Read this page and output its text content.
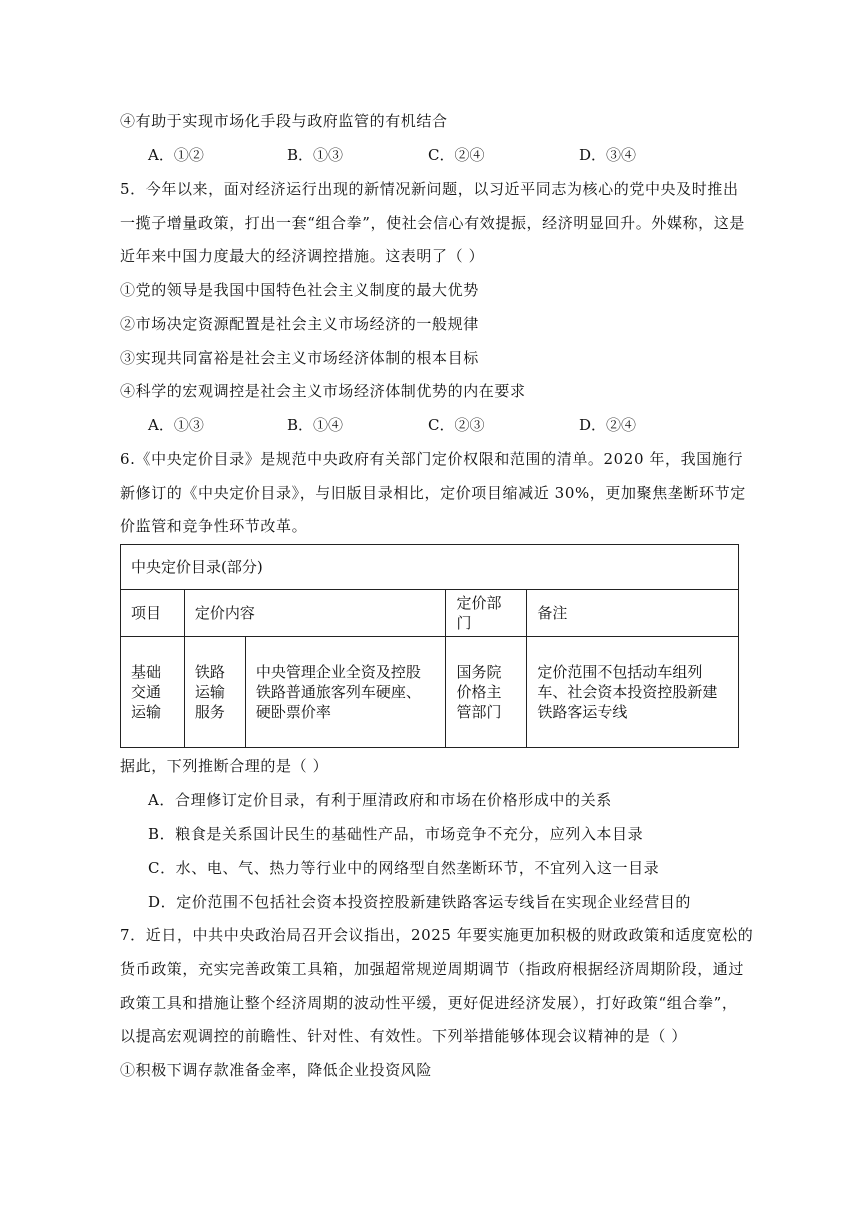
④有助于实现市场化手段与政府监管的有机结合
A．①②	B．①③	C．②④	D．③④
5．今年以来，面对经济运行出现的新情况新问题，以习近平同志为核心的党中央及时推出
一揽子增量政策，打出一套“组合拳”，使社会信心有效提振，经济明显回升。外媒称，这是
近年来中国力度最大的经济调控措施。这表明了（ ）
①党的领导是我国中国特色社会主义制度的最大优势
②市场决定资源配置是社会主义市场经济的一般规律
③实现共同富裕是社会主义市场经济体制的根本目标
④科学的宏观调控是社会主义市场经济体制优势的内在要求
A．①③	B．①④	C．②③	D．②④
6.《中央定价目录》是规范中央政府有关部门定价权限和范围的清单。2020 年，我国施行
新修订的《中央定价目录》，与旧版目录相比，定价项目缩减近 30%，更加聚焦垄断环节定
价监管和竞争性环节改革。
中央定价目录(部分)				
项目	定价内容		定价部门	备注
基础交通运输	铁路运输服务	中央管理企业全资及控股铁路普通旅客列车硬座、硬卧票价率	国务院价格主管部门	定价范围不包括动车组列车、社会资本投资控股新建铁路客运专线
据此，下列推断合理的是（ ）
A．合理修订定价目录，有利于厘清政府和市场在价格形成中的关系
B．粮食是关系国计民生的基础性产品，市场竞争不充分，应列入本目录
C．水、电、气、热力等行业中的网络型自然垄断环节，不宜列入这一目录
D．定价范围不包括社会资本投资控股新建铁路客运专线旨在实现企业经营目的
7．近日，中共中央政治局召开会议指出，2025 年要实施更加积极的财政政策和适度宽松的
货币政策，充实完善政策工具箱，加强超常规逆周期调节（指政府根据经济周期阶段，通过
政策工具和措施让整个经济周期的波动性平缓，更好促进经济发展），打好政策“组合拳”，
以提高宏观调控的前瞻性、针对性、有效性。下列举措能够体现会议精神的是（ ）
①积极下调存款准备金率，降低企业投资风险
